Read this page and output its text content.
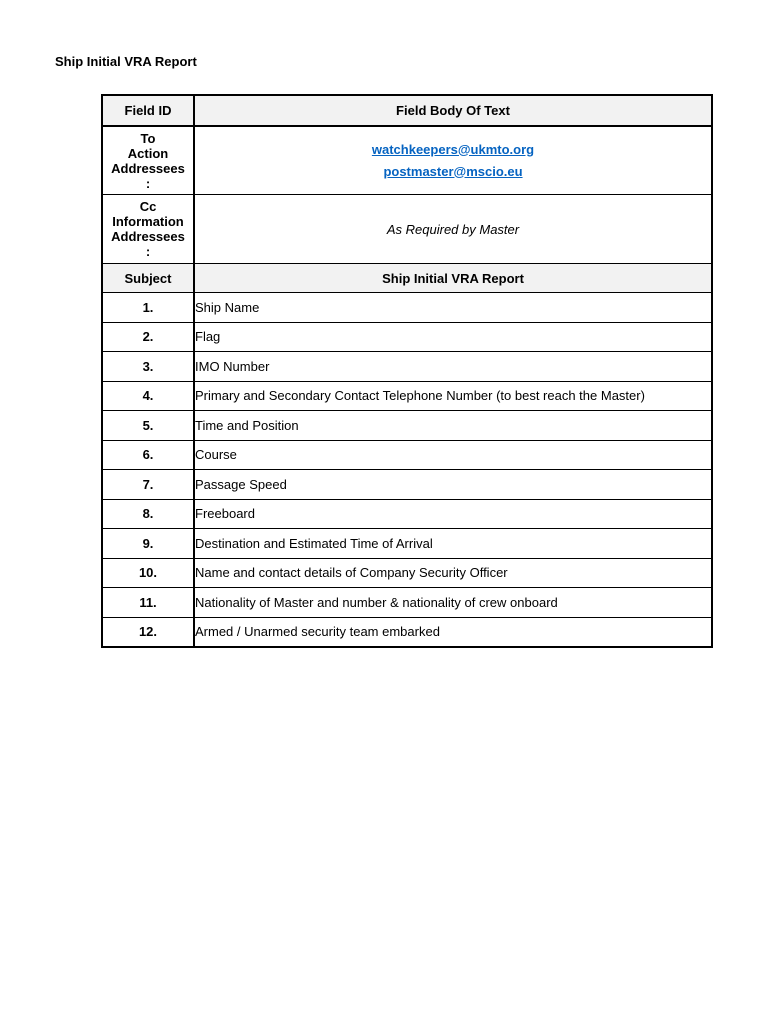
Ship Initial VRA Report
Field ID	Field Body Of Text

To
Action
Addressees
:	watchkeepers@ukmto.org
postmaster@mscio.eu

Cc
Information
Addressees
:	As Required by Master
Subject	Ship Initial VRA Report
1.	Ship Name
2.	Flag
3.	IMO Number
4.	Primary and Secondary Contact Telephone Number (to best reach the Master)
5.	Time and Position
6.	Course
7.	Passage Speed
8.	Freeboard
9.	Destination and Estimated Time of Arrival
10.	Name and contact details of Company Security Officer
11.	Nationality of Master and number & nationality of crew onboard
12.	Armed / Unarmed security team embarked
